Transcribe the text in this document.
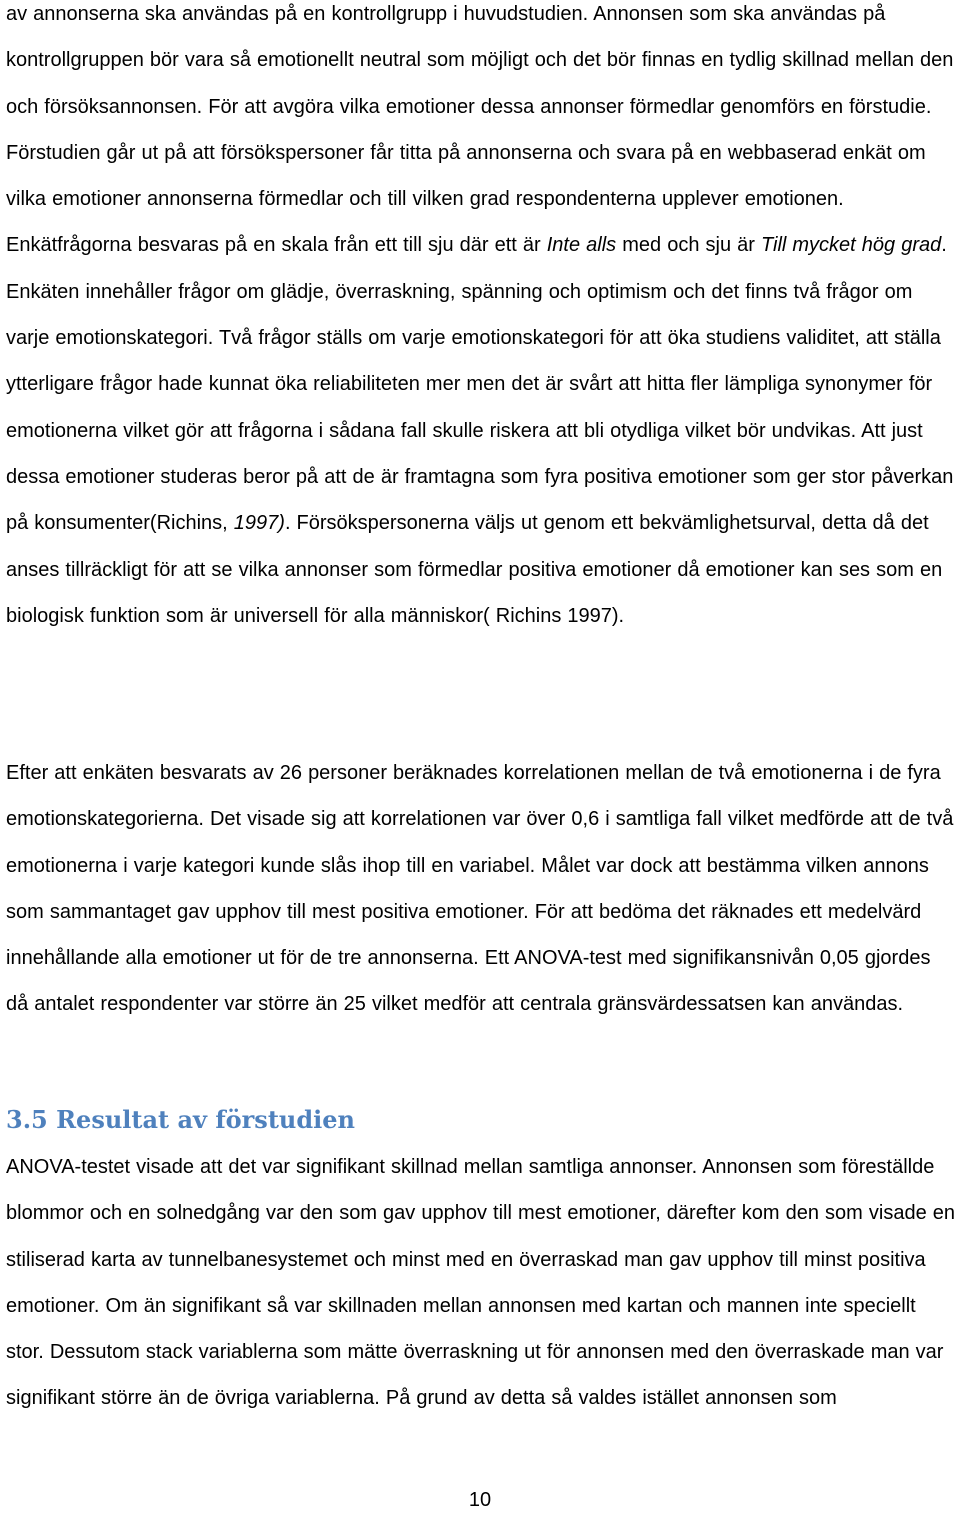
av annonserna ska användas på en kontrollgrupp i huvudstudien. Annonsen som ska användas på kontrollgruppen bör vara så emotionellt neutral som möjligt och det bör finnas en tydlig skillnad mellan den och försöksannonsen. För att avgöra vilka emotioner dessa annonser förmedlar genomförs en förstudie. Förstudien går ut på att försökspersoner får titta på annonserna och svara på en webbaserad enkät om vilka emotioner annonserna förmedlar och till vilken grad respondenterna upplever emotionen. Enkätfrågorna besvaras på en skala från ett till sju där ett är Inte alls med och sju är Till mycket hög grad. Enkäten innehåller frågor om glädje, överraskning, spänning och optimism och det finns två frågor om varje emotionskategori. Två frågor ställs om varje emotionskategori för att öka studiens validitet, att ställa ytterligare frågor hade kunnat öka reliabiliteten mer men det är svårt att hitta fler lämpliga synonymer för emotionerna vilket gör att frågorna i sådana fall skulle riskera att bli otydliga vilket bör undvikas. Att just dessa emotioner studeras beror på att de är framtagna som fyra positiva emotioner som ger stor påverkan på konsumenter(Richins, 1997). Försökspersonerna väljs ut genom ett bekvämlighetsurval, detta då det anses tillräckligt för att se vilka annonser som förmedlar positiva emotioner då emotioner kan ses som en biologisk funktion som är universell för alla människor( Richins 1997).

Efter att enkäten besvarats av 26 personer beräknades korrelationen mellan de två emotionerna i de fyra emotionskategorierna. Det visade sig att korrelationen var över 0,6 i samtliga fall vilket medförde att de två emotionerna i varje kategori kunde slås ihop till en variabel. Målet var dock att bestämma vilken annons som sammantaget gav upphov till mest positiva emotioner. För att bedöma det räknades ett medelvärd innehållande alla emotioner ut för de tre annonserna. Ett ANOVA-test med signifikansnivån 0,05 gjordes då antalet respondenter var större än 25 vilket medför att centrala gränsvärdessatsen kan användas.

3.5 Resultat av förstudien

ANOVA-testet visade att det var signifikant skillnad mellan samtliga annonser. Annonsen som föreställde blommor och en solnedgång var den som gav upphov till mest emotioner, därefter kom den som visade en stiliserad karta av tunnelbanesystemet och minst med en överraskad man gav upphov till minst positiva emotioner. Om än signifikant så var skillnaden mellan annonsen med kartan och mannen inte speciellt stor. Dessutom stack variablerna som mätte överraskning ut för annonsen med den överraskade man var signifikant större än de övriga variablerna. På grund av detta så valdes istället annonsen som

10
